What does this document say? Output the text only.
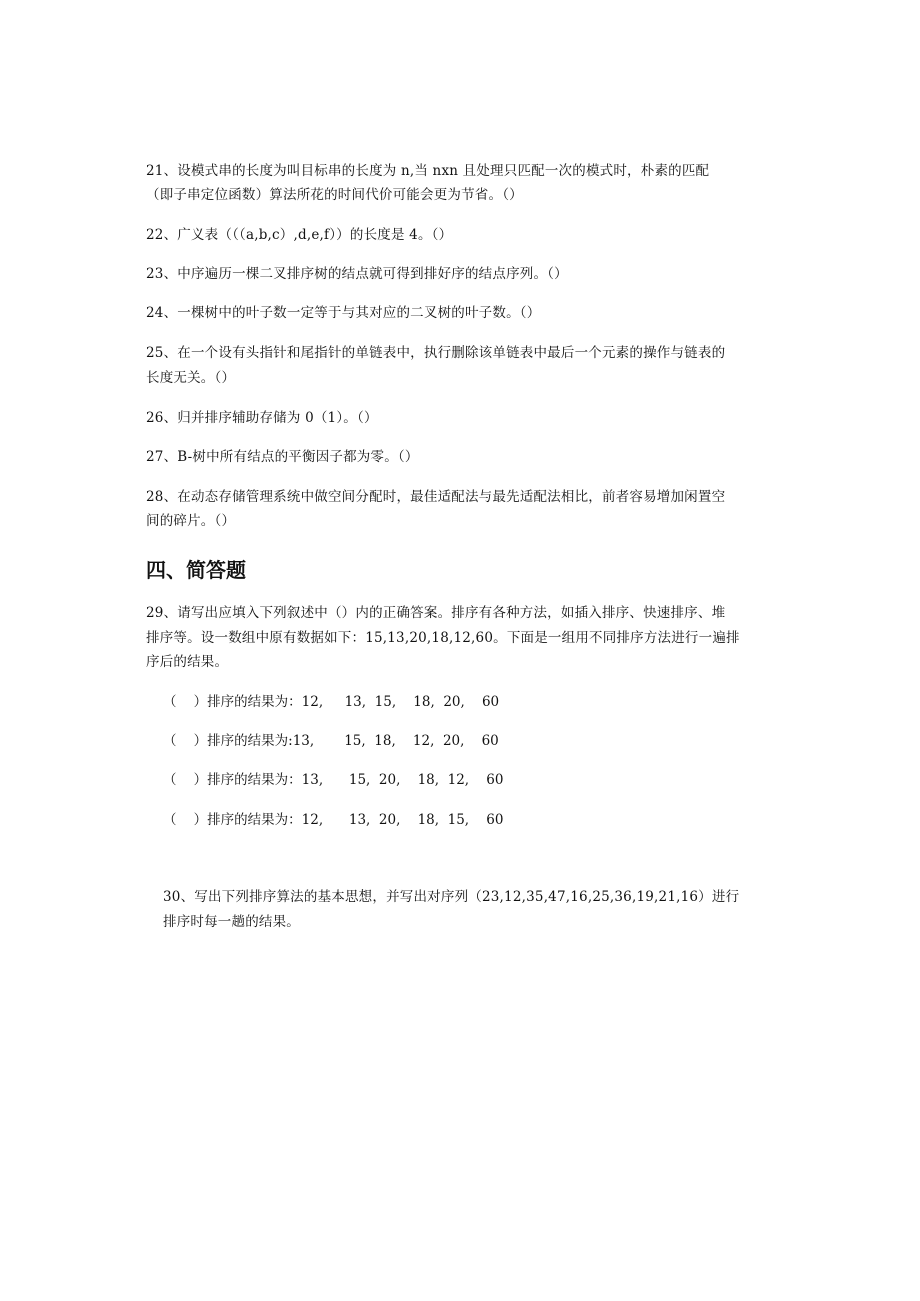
21、设模式串的长度为叫目标串的长度为 n,当 nxn 且处理只匹配一次的模式时，朴素的匹配
（即子串定位函数）算法所花的时间代价可能会更为节省。（）
22、广义表（（（a,b,c）,d,e,f））的长度是 4。（）
23、中序遍历一棵二叉排序树的结点就可得到排好序的结点序列。（）
24、一棵树中的叶子数一定等于与其对应的二叉树的叶子数。（）
25、在一个设有头指针和尾指针的单链表中，执行删除该单链表中最后一个元素的操作与链表的
长度无关。（）
26、归并排序辅助存储为 0（1）。（）
27、B-树中所有结点的平衡因子都为零。（）
28、在动态存储管理系统中做空间分配时，最佳适配法与最先适配法相比，前者容易增加闲置空
间的碎片。（）
四、简答题
29、请写出应填入下列叙述中（）内的正确答案。排序有各种方法，如插入排序、快速排序、堆
排序等。设一数组中原有数据如下：15,13,20,18,12,60。下面是一组用不同排序方法进行一遍排
序后的结果。
（    ）排序的结果为：12,     13,  15,    18,  20,    60
（    ）排序的结果为:13,       15,  18,    12,  20,    60
（    ）排序的结果为：13,      15,  20,    18,  12,    60
（    ）排序的结果为：12,      13,  20,    18,  15,    60
30、写出下列排序算法的基本思想，并写出对序列（23,12,35,47,16,25,36,19,21,16）进行
排序时每一趟的结果。
